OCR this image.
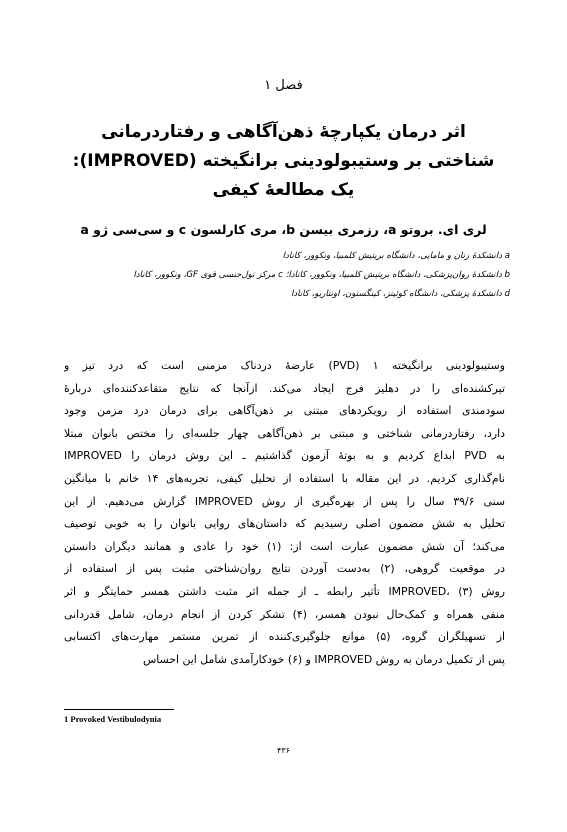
فصل ۱
اثر درمان یکپارچهٔ ذهن‌آگاهی و رفتاردرمانی
شناختی بر وستیبولودینی برانگیخته (IMPROVED):
یک مطالعهٔ کیفی
لری ای. بروتو a، رزمری بیسن b، مری کارلسون c و سی‌سی ژو a
a دانشکدهٔ زنان و مامایی، دانشگاه بریتیش کلمبیا، ونکوور، کانادا
b دانشکدهٔ روان‌پزشکی، دانشگاه بریتیش کلمبیا، ونکوور، کانادا؛ c مرکز تول‌جنسی قوی GF، ونکوور، کانادا
d دانشکدهٔ پزشکی، دانشگاه کوئینز، کینگستون، اونتاریو، کانادا
وستیبولودینی برانگیخته ۱ (PVD) عارضهٔ دردناک مزمنی است که درد تیز و
تیرکشنده‌ای را در دهلیز فرج ایجاد می‌کند. ازآنجا که نتایج متقاعدکننده‌ای دربارهٔ
سودمندی استفاده از رویکردهای مبتنی بر ذهن‌آگاهی برای درمان درد مزمن وجود
دارد، رفتاردرمانی شناختی و مبتنی بر ذهن‌آگاهی چهار جلسه‌ای را مختص بانوان مبتلا
به PVD ابداع کردیم و به بوتهٔ آزمون گذاشتیم ـ این روش درمان را IMPROVED
نام‌گذاری کردیم. در این مقاله با استفاده از تحلیل کیفی، تجربه‌های ۱۴ خانم با میانگین
سنی ۳۹/۶ سال را پس از بهره‌گیری از روش IMPROVED گزارش می‌دهیم. از این
تحلیل به شش مضمون اصلی رسیدیم که داستان‌های روایی بانوان را به خوبی توصیف
می‌کند؛ آن شش مضمون عبارت است از: (۱) خود را عادی و همانند دیگران دانستن
در موقعیت گروهی، (۲) به‌دست آوردن نتایج روان‌شناختی مثبت پس از استفاده از
روش IMPROVED، (۳) تأثیر رابطه ـ از جمله اثر مثبت داشتن همسر حمایتگر و اثر
منفی همراه و کمک‌حال نبودن همسر، (۴) تشکر کردن از انجام درمان، شامل قدردانی
از تسهیلگران گروه، (۵) موانع جلوگیری‌کننده از تمرین مستمر مهارت‌های اکتسابی
پس از تکمیل درمان به روش IMPROVED و (۶) خودکارآمدی شامل این احساس
1 Provoked Vestibulodynia
۴۳۶
